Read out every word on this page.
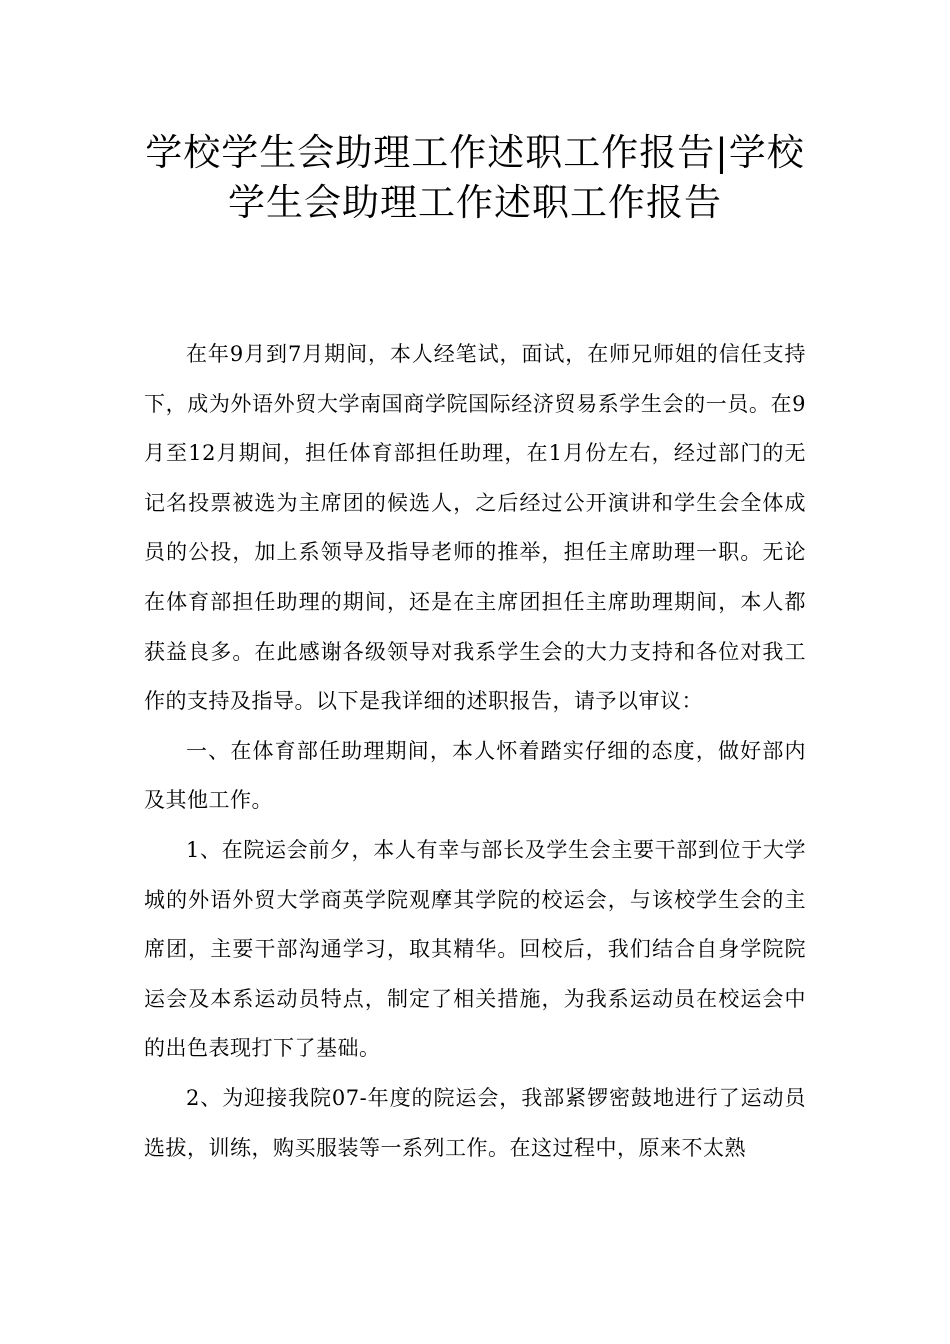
学校学生会助理工作述职工作报告|学校学生会助理工作述职工作报告

在年9月到7月期间，本人经笔试，面试，在师兄师姐的信任支持下，成为外语外贸大学南国商学院国际经济贸易系学生会的一员。在9月至12月期间，担任体育部担任助理，在1月份左右，经过部门的无记名投票被选为主席团的候选人，之后经过公开演讲和学生会全体成员的公投，加上系领导及指导老师的推举，担任主席助理一职。无论在体育部担任助理的期间，还是在主席团担任主席助理期间，本人都获益良多。在此感谢各级领导对我系学生会的大力支持和各位对我工作的支持及指导。以下是我详细的述职报告，请予以审议：

一、在体育部任助理期间，本人怀着踏实仔细的态度，做好部内及其他工作。

1、在院运会前夕，本人有幸与部长及学生会主要干部到位于大学城的外语外贸大学商英学院观摩其学院的校运会，与该校学生会的主席团，主要干部沟通学习，取其精华。回校后，我们结合自身学院院运会及本系运动员特点，制定了相关措施，为我系运动员在校运会中的出色表现打下了基础。

2、为迎接我院07-年度的院运会，我部紧锣密鼓地进行了运动员选拔，训练，购买服装等一系列工作。在这过程中，原来不太熟
